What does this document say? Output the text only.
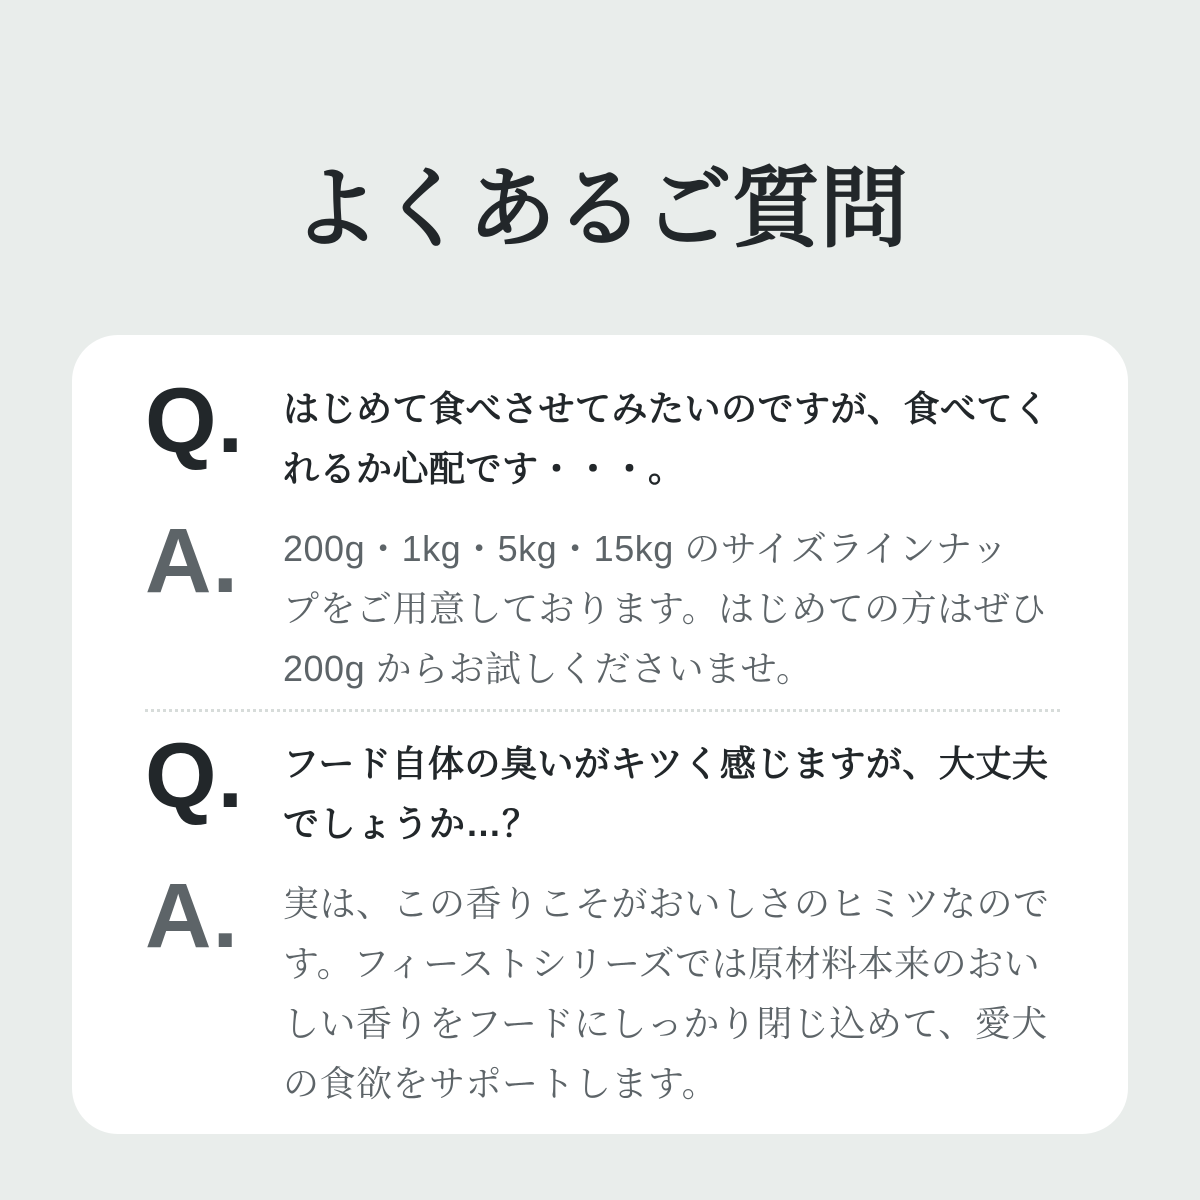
よくあるご質問
Q.	はじめて食べさせてみたいのですが、食べてく
れるか心配です・・・。
A.	200g・1kg・5kg・15kg のサイズラインナッ
プをご用意しております。はじめての方はぜひ
200g からお試しくださいませ。
Q.	フード自体の臭いがキツく感じますが、大丈夫
でしょうか…？
A.	実は、この香りこそがおいしさのヒミツなので
す。フィーストシリーズでは原材料本来のおい
しい香りをフードにしっかり閉じ込めて、愛犬
の食欲をサポートします。
